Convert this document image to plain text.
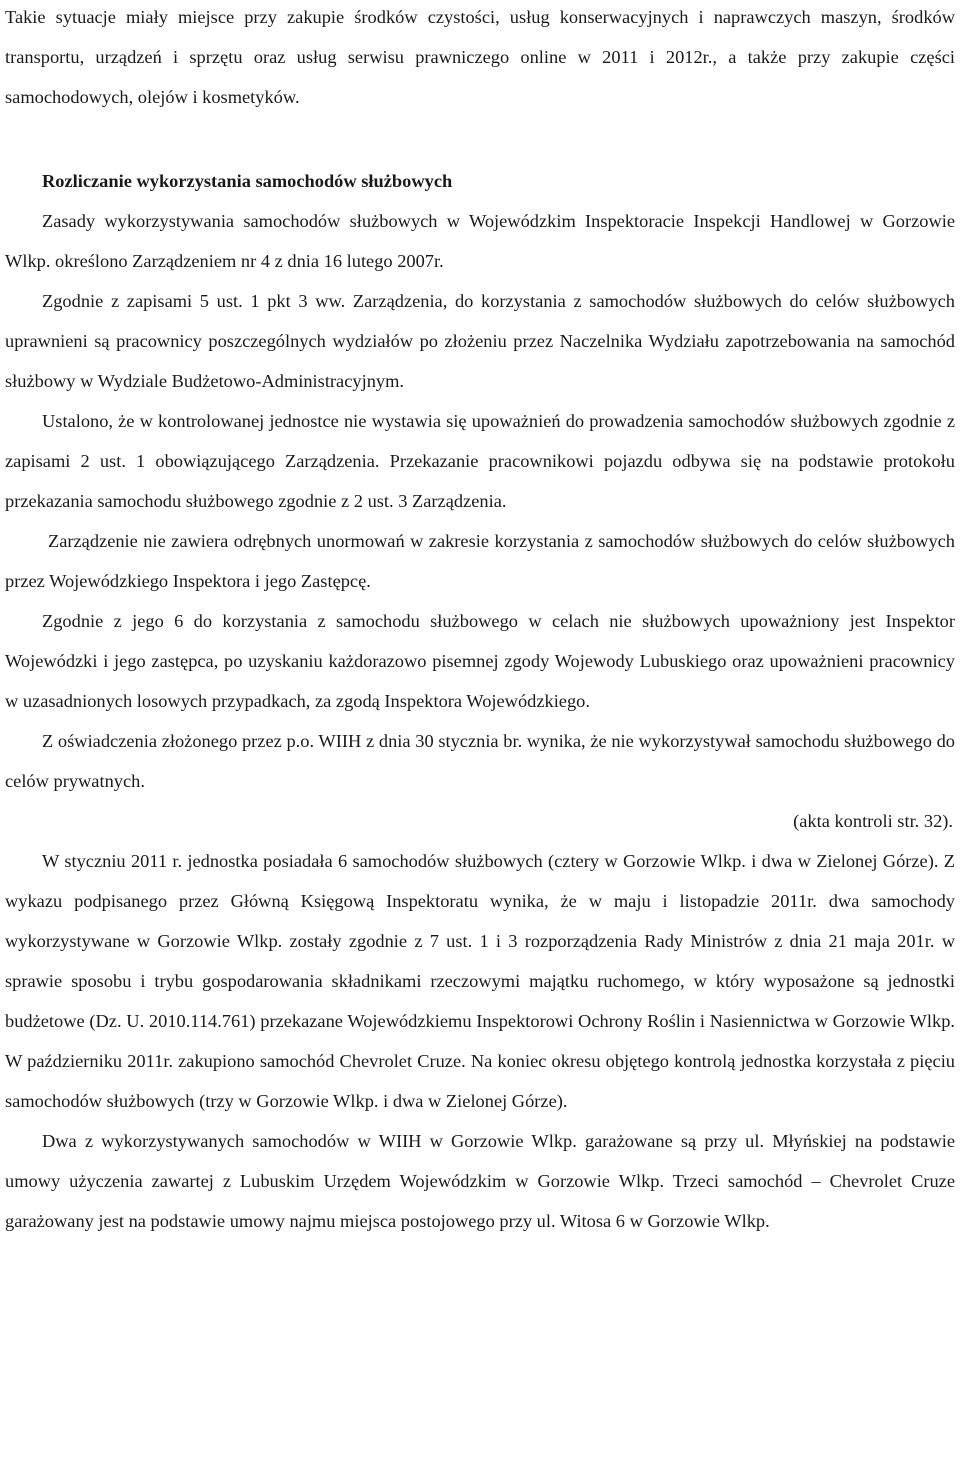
Takie sytuacje miały miejsce przy zakupie środków czystości, usług konserwacyjnych i naprawczych maszyn, środków transportu, urządzeń i sprzętu oraz usług serwisu prawniczego online w 2011 i 2012r., a także przy zakupie części samochodowych, olejów i kosmetyków.

Rozliczanie wykorzystania samochodów służbowych

Zasady wykorzystywania samochodów służbowych w Wojewódzkim Inspektoracie Inspekcji Handlowej w Gorzowie Wlkp. określono Zarządzeniem nr 4 z dnia 16 lutego 2007r.

Zgodnie z zapisami 5 ust. 1 pkt 3 ww. Zarządzenia, do korzystania z samochodów służbowych do celów służbowych uprawnieni są pracownicy poszczególnych wydziałów po złożeniu przez Naczelnika Wydziału zapotrzebowania na samochód służbowy w Wydziale Budżetowo-Administracyjnym.

Ustalono, że w kontrolowanej jednostce nie wystawia się upoważnień do prowadzenia samochodów służbowych zgodnie z zapisami 2 ust. 1 obowiązującego Zarządzenia. Przekazanie pracownikowi pojazdu odbywa się na podstawie protokołu przekazania samochodu służbowego zgodnie z 2 ust. 3 Zarządzenia.

Zarządzenie nie zawiera odrębnych unormowań w zakresie korzystania z samochodów służbowych do celów służbowych przez Wojewódzkiego Inspektora i jego Zastępcę.

Zgodnie z jego 6 do korzystania z samochodu służbowego w celach nie służbowych upoważniony jest Inspektor Wojewódzki i jego zastępca, po uzyskaniu każdorazowo pisemnej zgody Wojewody Lubuskiego oraz upoważnieni pracownicy w uzasadnionych losowych przypadkach, za zgodą Inspektora Wojewódzkiego.

Z oświadczenia złożonego przez p.o. WIIH z dnia 30 stycznia br. wynika, że nie wykorzystywał samochodu służbowego do celów prywatnych.

(akta kontroli str. 32).

W styczniu 2011 r. jednostka posiadała 6 samochodów służbowych (cztery w Gorzowie Wlkp. i dwa w Zielonej Górze). Z wykazu podpisanego przez Główną Księgową Inspektoratu wynika, że w maju i listopadzie 2011r. dwa samochody wykorzystywane w Gorzowie Wlkp. zostały zgodnie z 7 ust. 1 i 3 rozporządzenia Rady Ministrów z dnia 21 maja 201r. w sprawie sposobu i trybu gospodarowania składnikami rzeczowymi majątku ruchomego, w który wyposażone są jednostki budżetowe (Dz. U. 2010.114.761) przekazane Wojewódzkiemu Inspektorowi Ochrony Roślin i Nasiennictwa w Gorzowie Wlkp. W październiku 2011r. zakupiono samochód Chevrolet Cruze. Na koniec okresu objętego kontrolą jednostka korzystała z pięciu samochodów służbowych (trzy w Gorzowie Wlkp. i dwa w Zielonej Górze).

Dwa z wykorzystywanych samochodów w WIIH w Gorzowie Wlkp. garażowane są przy ul. Młyńskiej na podstawie umowy użyczenia zawartej z Lubuskim Urzędem Wojewódzkim w Gorzowie Wlkp. Trzeci samochód – Chevrolet Cruze garażowany jest na podstawie umowy najmu miejsca postojowego przy ul. Witosa 6 w Gorzowie Wlkp.
